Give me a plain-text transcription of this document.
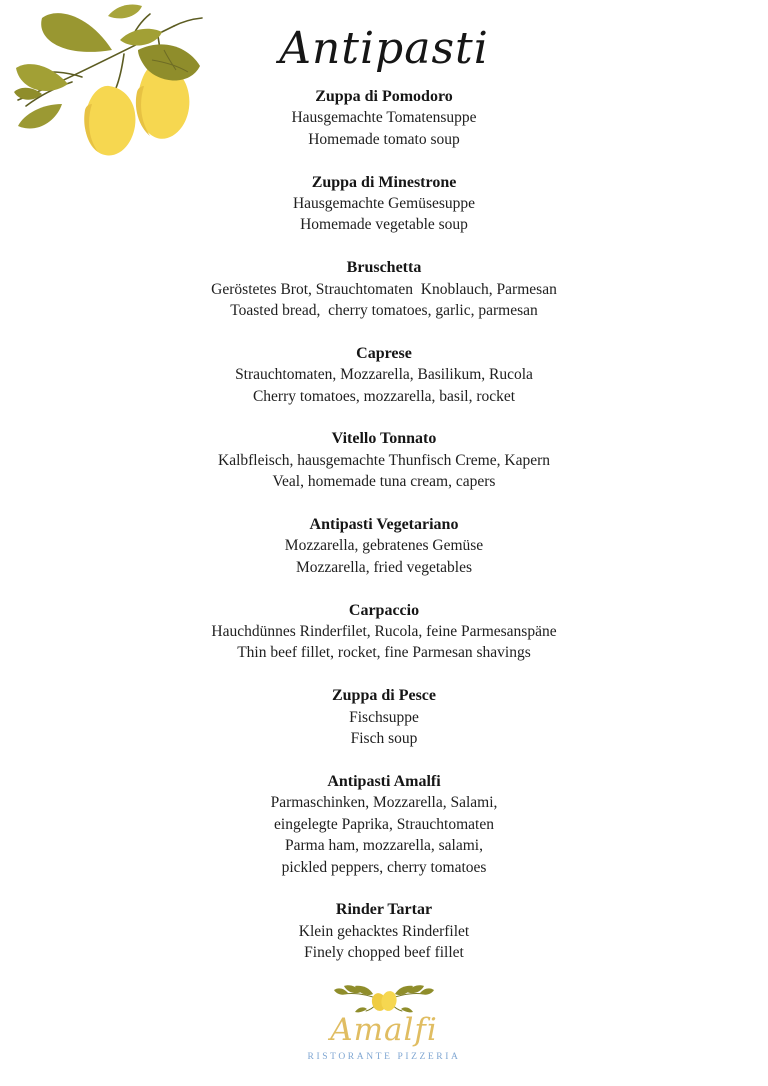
Antipasti
Zuppa di Pomodoro

Hausgemachte Tomatensuppe

Homemade tomato soup

Zuppa di Minestrone

Hausgemachte Gemüsesuppe

Homemade vegetable soup

Bruschetta

Geröstetes Brot, Strauchtomaten  Knoblauch, Parmesan

Toasted bread,  cherry tomatoes, garlic, parmesan

Caprese

Strauchtomaten, Mozzarella, Basilikum, Rucola

Cherry tomatoes, mozzarella, basil, rocket

Vitello Tonnato

Kalbfleisch, hausgemachte Thunfisch Creme, Kapern

Veal, homemade tuna cream, capers

Antipasti Vegetariano

Mozzarella, gebratenes Gemüse

Mozzarella, fried vegetables

Carpaccio

Hauchdünnes Rinderfilet, Rucola, feine Parmesanspäne

Thin beef fillet, rocket, fine Parmesan shavings

Zuppa di Pesce

Fischsuppe

Fisch soup

Antipasti Amalfi

Parmaschinken, Mozzarella, Salami,

eingelegte Paprika, Strauchtomaten

Parma ham, mozzarella, salami,

pickled peppers, cherry tomatoes

Rinder Tartar

Klein gehacktes Rinderfilet

Finely chopped beef fillet

Amalfi
RISTORANTE PIZZERIA
